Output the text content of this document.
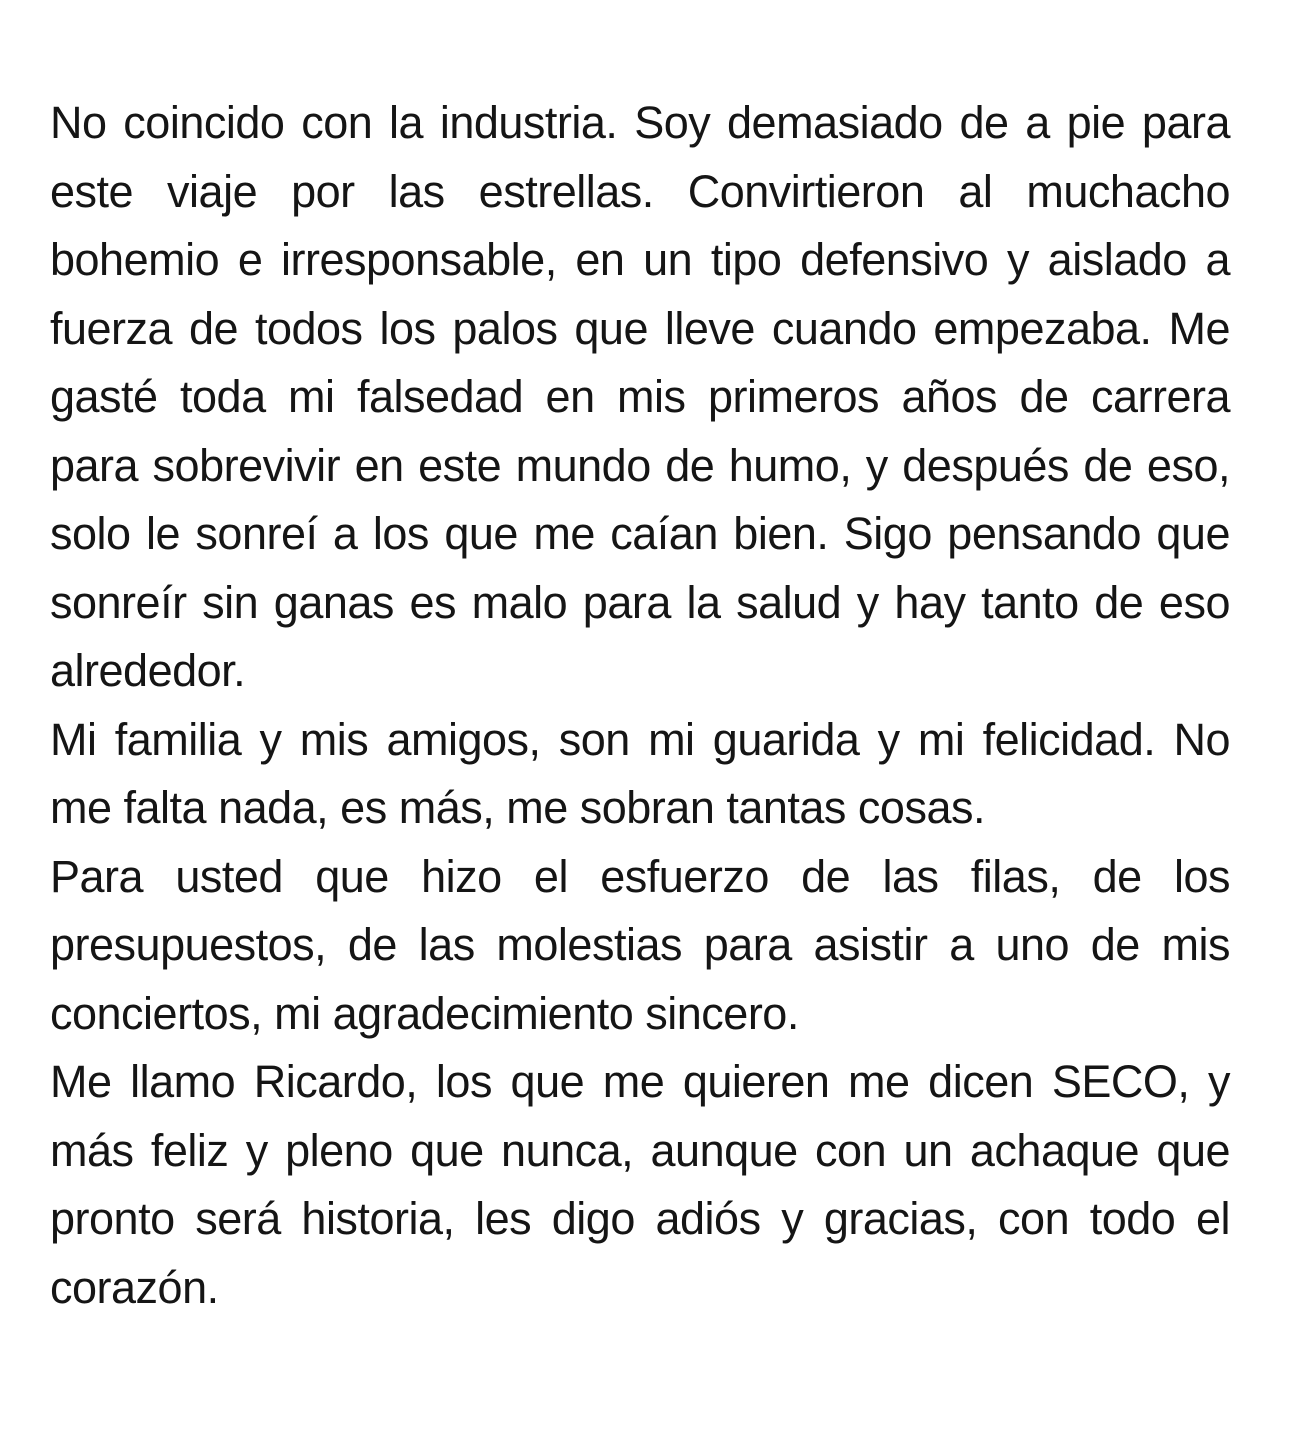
No coincido con la industria. Soy demasiado de a pie para este viaje por las estrellas. Convirtieron al muchacho bohemio e irresponsable, en un tipo defensivo y aislado a fuerza de todos los palos que lleve cuando empezaba. Me gasté toda mi falsedad en mis primeros años de carrera para sobrevivir en este mundo de humo, y después de eso, solo le sonreí a los que me caían bien. Sigo pensando que sonreír sin ganas es malo para la salud y hay tanto de eso alrededor.

Mi familia y mis amigos, son mi guarida y mi felicidad. No me falta nada, es más, me sobran tantas cosas.

Para usted que hizo el esfuerzo de las filas, de los presupuestos, de las molestias para asistir a uno de mis conciertos, mi agradecimiento sincero.

Me llamo Ricardo, los que me quieren me dicen SECO, y más feliz y pleno que nunca, aunque con un achaque que pronto será historia, les digo adiós y gracias, con todo el corazón.
